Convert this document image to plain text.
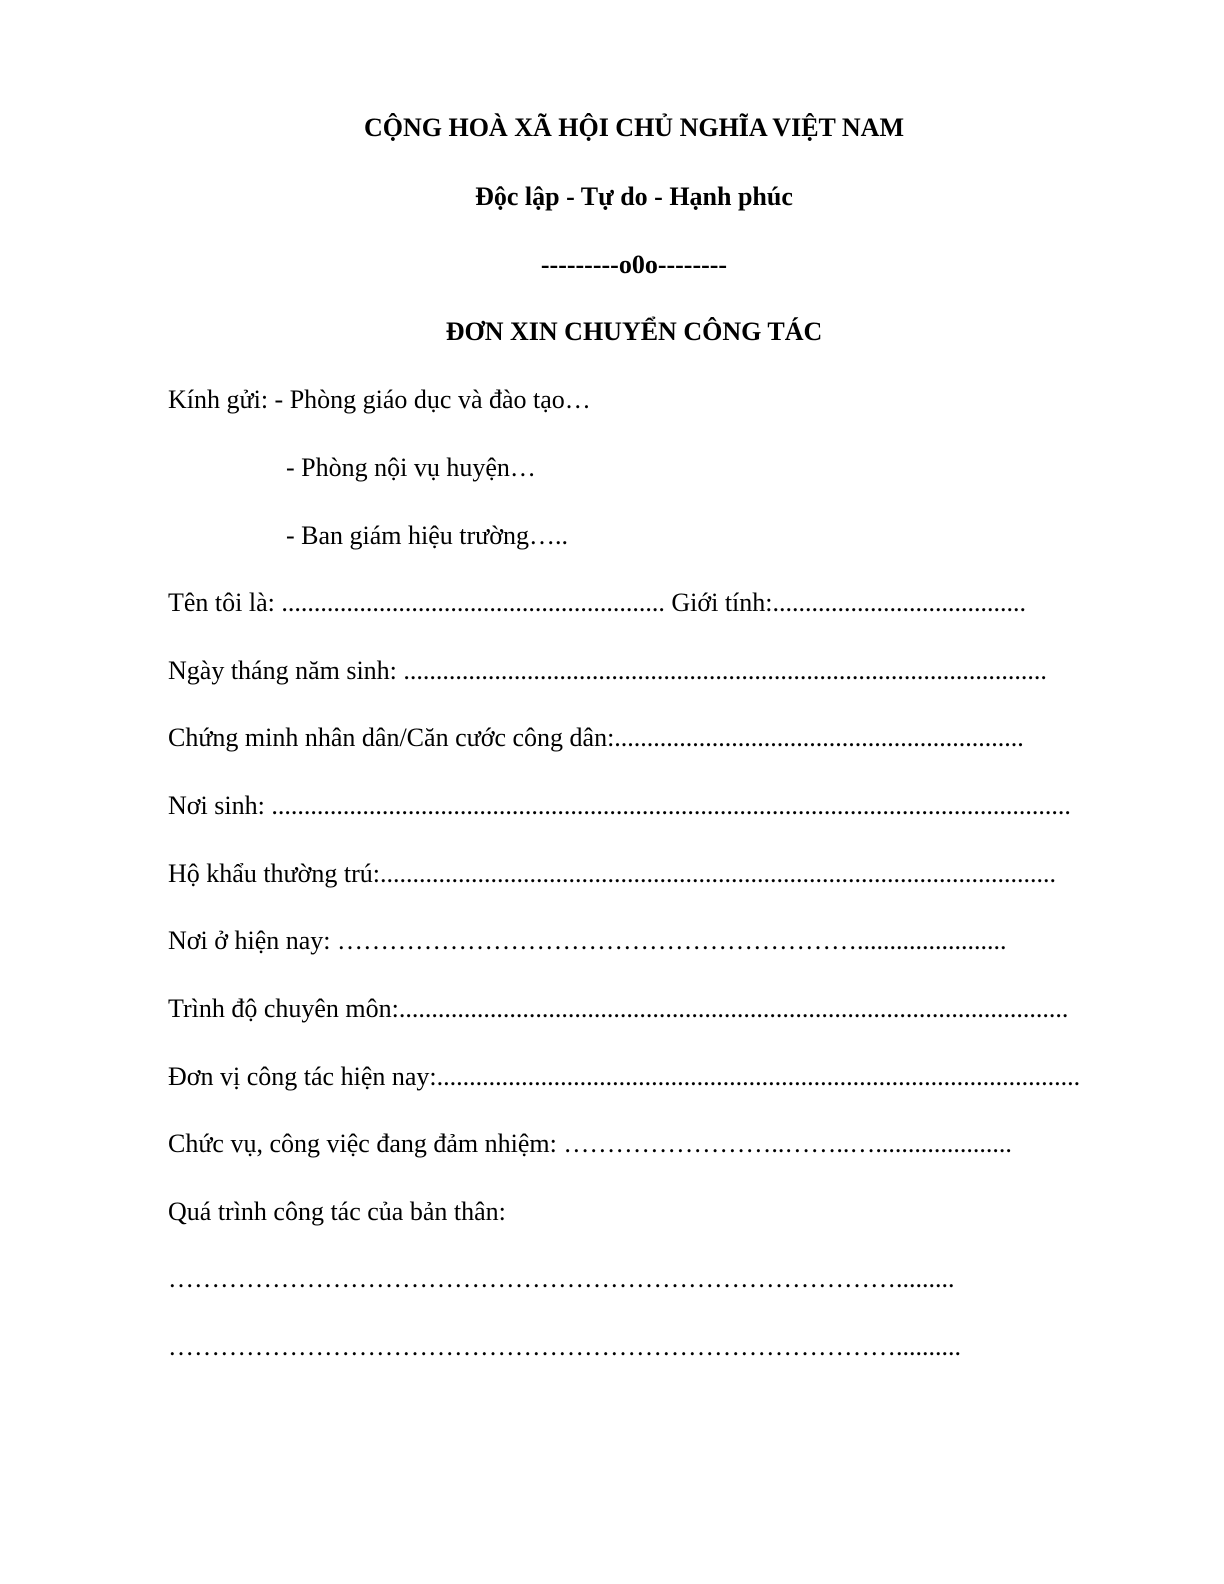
CỘNG HOÀ XÃ HỘI CHỦ NGHĨA VIỆT NAM
Độc lập - Tự do - Hạnh phúc
---------o0o--------
ĐƠN XIN CHUYỂN CÔNG TÁC
Kính gửi: - Phòng giáo dục và đào tạo…
- Phòng nội vụ huyện…
- Ban giám hiệu trường…..
Tên tôi là: ........................................................... Giới tính:.......................................
Ngày tháng năm sinh: ...................................................................................................
Chứng minh nhân dân/Căn cước công dân:...............................................................
Nơi sinh: ...........................................................................................................................
Hộ khẩu thường trú:........................................................................................................
Nơi ở hiện nay: …………………………………………………….......................
Trình độ chuyên môn:.......................................................................................................
Đơn vị công tác hiện nay:...................................................................................................
Chức vụ, công việc đang đảm nhiệm: ……………………..……..….....................
Quá trình công tác của bản thân:
………………………………………………………………………….........
…………………………………………………………………………..........
